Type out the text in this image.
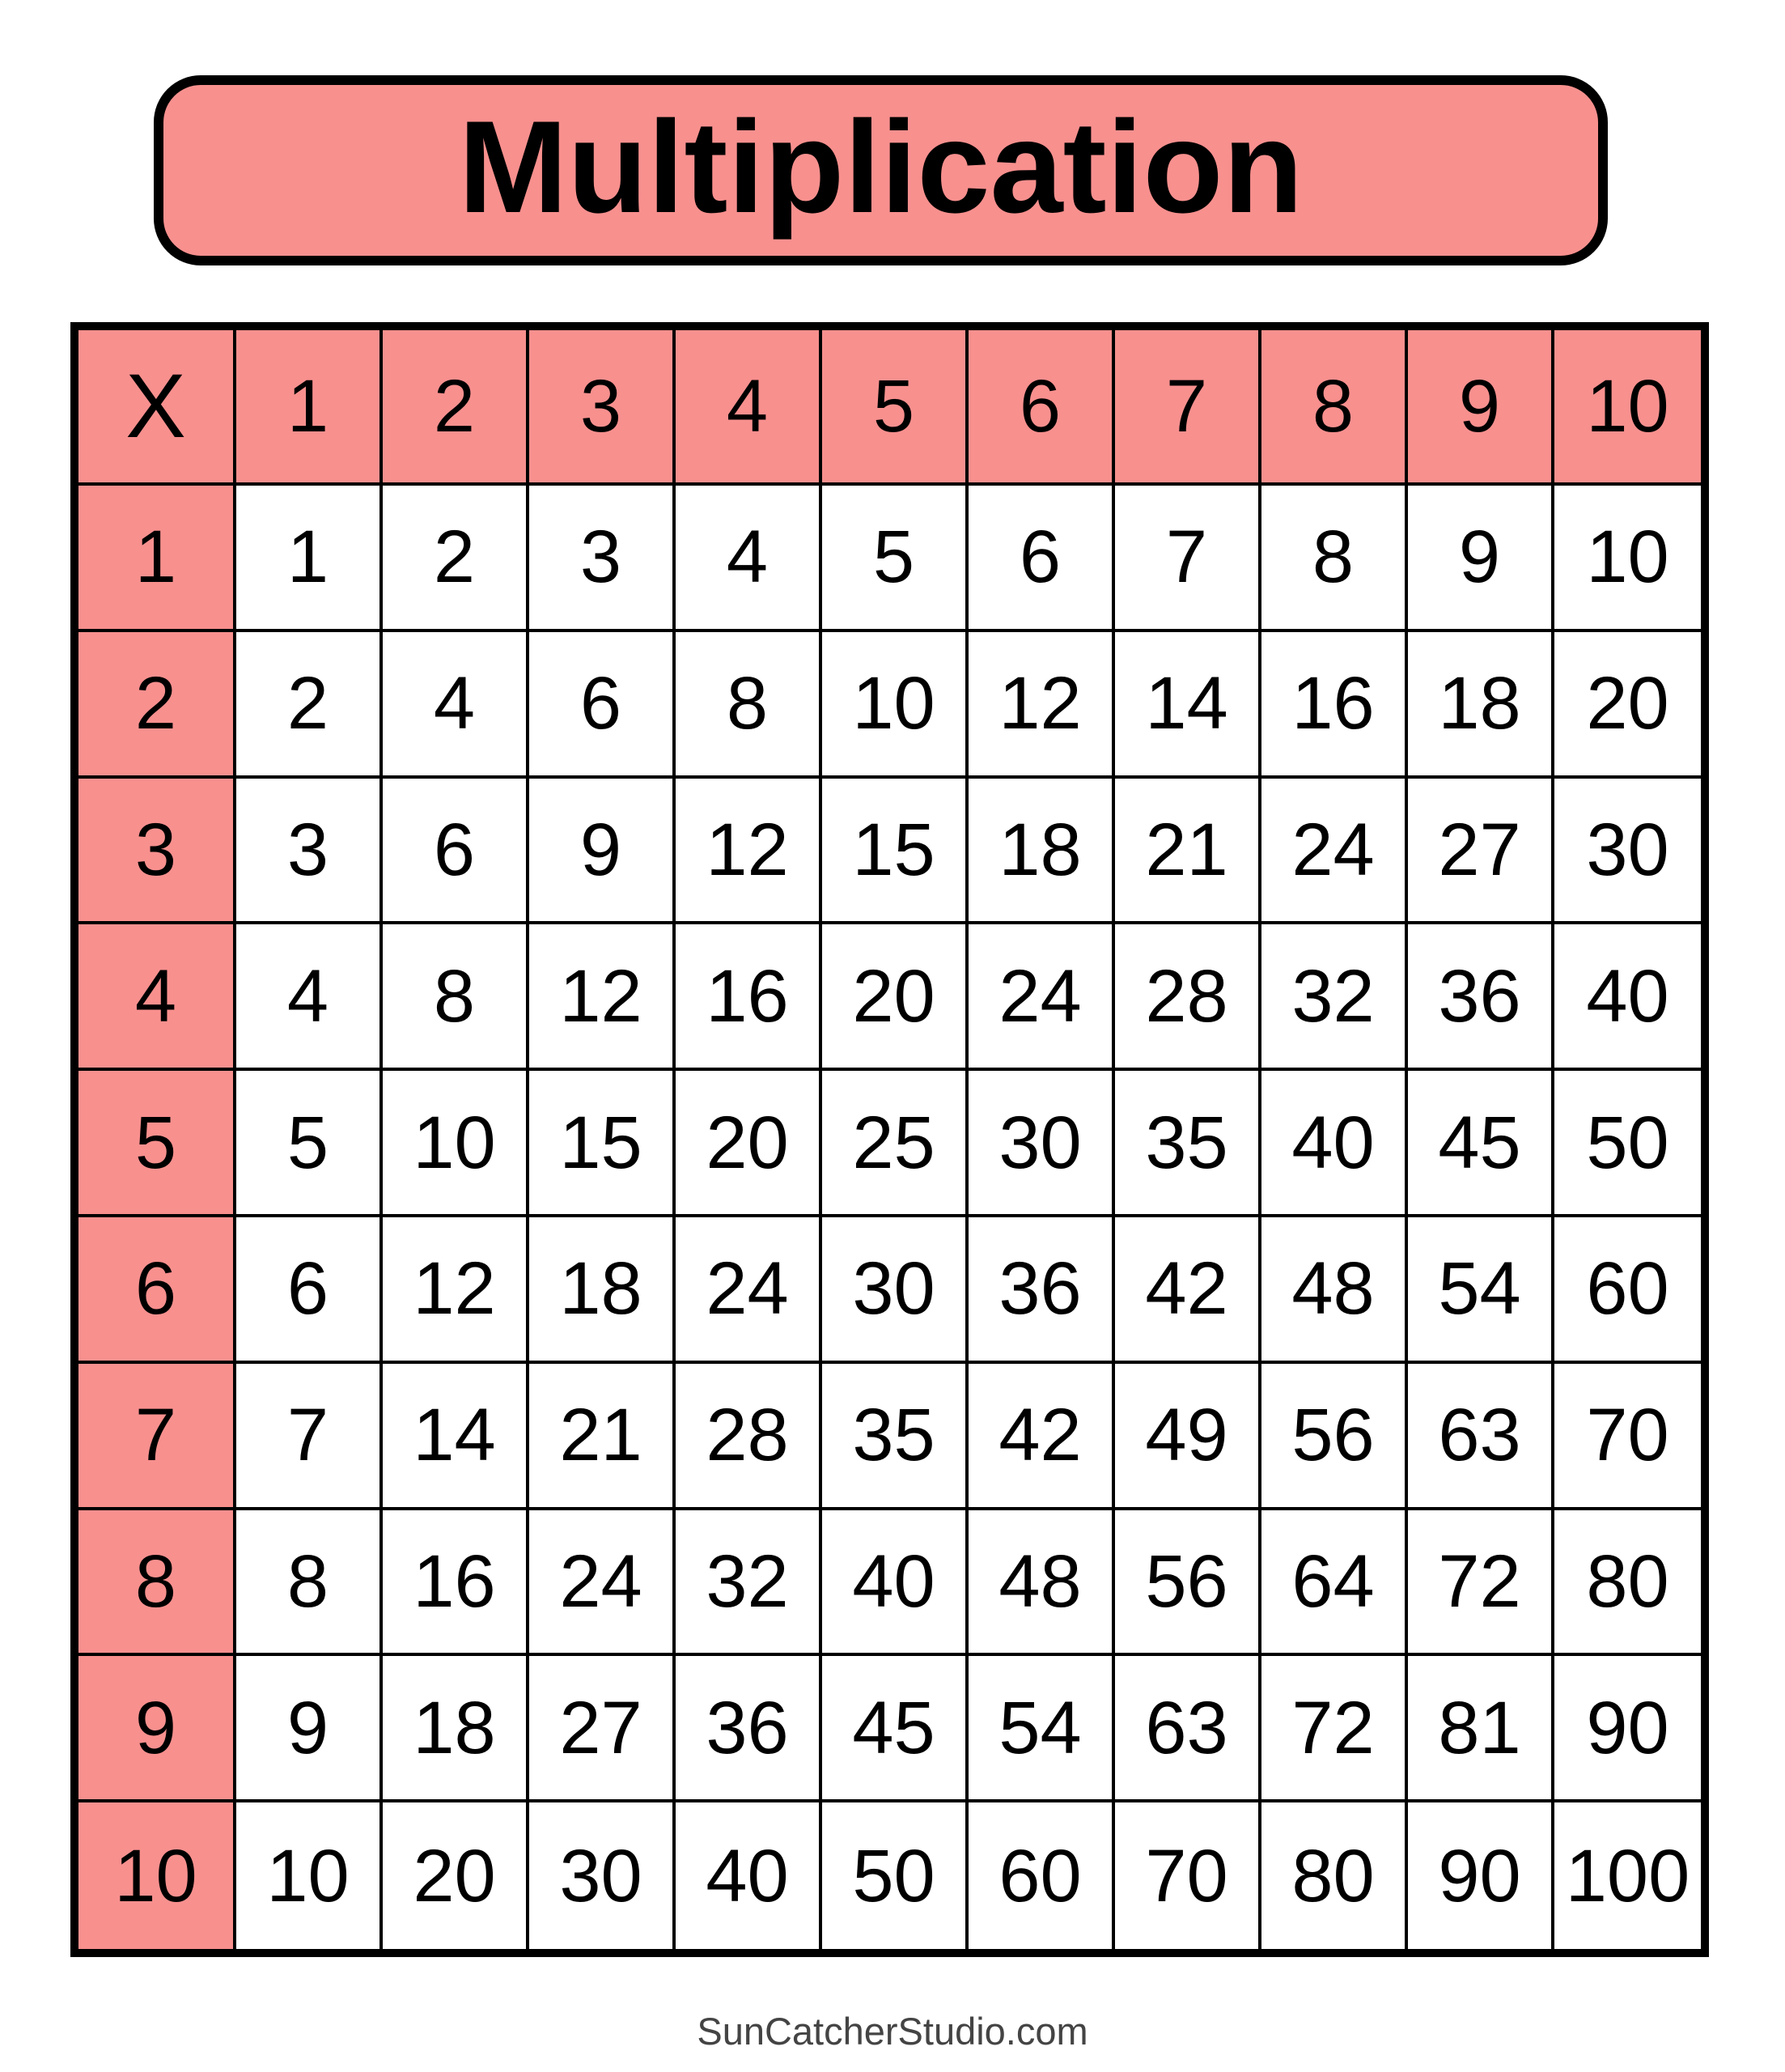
Multiplication
X	1	2	3	4	5	6	7	8	9	10
1	1	2	3	4	5	6	7	8	9	10
2	2	4	6	8	10 12 14 16 18 20
3	3	6	9	12 15 18 21 24 27 30
4	4	8	12 16 20 24 28 32 36 40
5	5	10 15 20 25 30 35 40 45 50
6	6	12 18 24 30 36 42 48 54 60
7	7	14 21 28 35 42 49 56 63 70
8	8	16 24 32 40 48 56 64 72 80
9	9	18 27 36 45 54 63 72 81 90
10 10 20 30 40 50 60 70 80 90 100
SunCatcherStudio.com
